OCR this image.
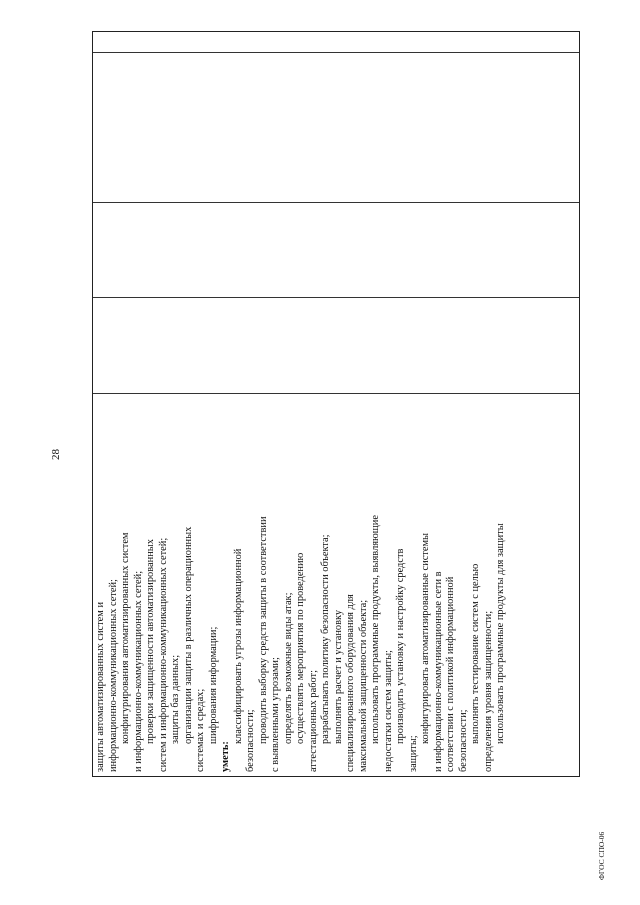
28
ФГОС СПО-06
защиты автоматизированных систем и информационно-коммуникационных сетей; конфигурирования автоматизированных систем и информационно-коммуникационных сетей; проверки защищенности автоматизированных систем и информационно-коммуникационных сетей; защиты баз данных; организации защиты в различных операционных системах и средах; шифрования информации;
уметь:
классифицировать угрозы информационной безопасности; проводить выборку средств защиты в соответствии с выявленными угрозами; определять возможные виды атак; осуществлять мероприятия по проведению аттестационных работ; разрабатывать политику безопасности объекта; выполнять расчет и установку специализированного оборудования для максимальной защищенности объекта; использовать программные продукты, выявляющие недостатки систем защиты; производить установку и настройку средств
защиты;
конфигурировать автоматизированные системы и информационно-коммуникационные сети в соответствии с политикой информационной безопасности; выполнять тестирование систем с целью определения уровня защищенности; использовать программные продукты для защиты
